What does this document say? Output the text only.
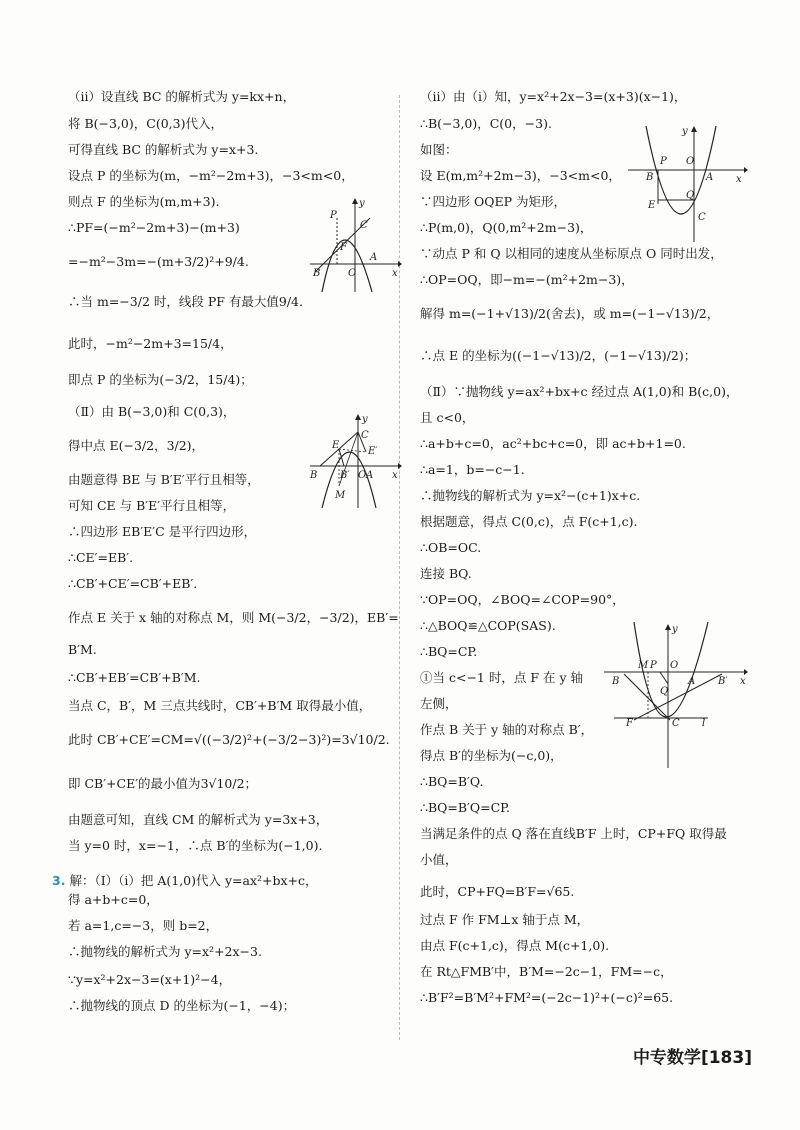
（ⅱ）设直线 BC 的解析式为 y=kx+n，
将 B(−3,0)，C(0,3)代入，
可得直线 BC 的解析式为 y=x+3.
设点 P 的坐标为(m，−m²−2m+3)，−3<m<0，
则点 F 的坐标为(m,m+3).
∴PF=(−m²−2m+3)−(m+3)
=−m²−3m=−(m+3/2)²+9/4.
∴当 m=−3/2 时，线段 PF 有最大值9/4.
此时，−m²−2m+3=15/4，
即点 P 的坐标为(−3/2，15/4)；
（Ⅱ）由 B(−3,0)和 C(0,3)，
得中点 E(−3/2，3/2)，
由题意得 BE 与 B′E′平行且相等，
可知 CE 与 B′E′平行且相等，
∴四边形 EB′E′C 是平行四边形，
∴CE′=EB′.
∴CB′+CE′=CB′+EB′.
作点 E 关于 x 轴的对称点 M，则 M(−3/2，−3/2)，EB′=
B′M.
∴CB′+EB′=CB′+B′M.
当点 C，B′，M 三点共线时，CB′+B′M 取得最小值，
此时 CB′+CE′=CM=√((−3/2)²+(−3/2−3)²)=3√10/2.
即 CB′+CE′的最小值为3√10/2；
由题意可知，直线 CM 的解析式为 y=3x+3，
当 y=0 时，x=−1，∴点 B′的坐标为(−1,0).
得 a+b+c=0，
若 a=1,c=−3，则 b=2，
∴抛物线的解析式为 y=x²+2x−3.
∵y=x²+2x−3=(x+1)²−4，
∴抛物线的顶点 D 的坐标为(−1，−4)；
（ⅱ）由（ⅰ）知，y=x²+2x−3=(x+3)(x−1)，
∴B(−3,0)，C(0，−3).
如图：
设 E(m,m²+2m−3)，−3<m<0，
∵四边形 OQEP 为矩形，
∴P(m,0)，Q(0,m²+2m−3)，
∵动点 P 和 Q 以相同的速度从坐标原点 O 同时出发，
∴OP=OQ，即−m=−(m²+2m−3)，
解得 m=(−1+√13)/2(舍去)，或 m=(−1−√13)/2，
∴点 E 的坐标为((−1−√13)/2，(−1−√13)/2)；
（Ⅱ）∵抛物线 y=ax²+bx+c 经过点 A(1,0)和 B(c,0)，
且 c<0，
∴a+b+c=0，ac²+bc+c=0，即 ac+b+1=0.
∴a=1，b=−c−1.
∴抛物线的解析式为 y=x²−(c+1)x+c.
根据题意，得点 C(0,c)，点 F(c+1,c).
∴OB=OC.
连接 BQ.
∵OP=OQ，∠BOQ=∠COP=90°，
∴△BOQ≌△COP(SAS).
∴BQ=CP.
①当 c<−1 时，点 F 在 y 轴
左侧，
作点 B 关于 y 轴的对称点 B′，
得点 B′的坐标为(−c,0)，
∴BQ=B′Q.
∴BQ=B′Q=CP.
当满足条件的点 Q 落在直线B′F 上时，CP+FQ 取得最
小值，
此时，CP+FQ=B′F=√65.
过点 F 作 FM⊥x 轴于点 M，
由点 F(c+1,c)，得点 M(c+1,0).
在 Rt△FMB′中，B′M=−2c−1，FM=−c，
∴B′F²=B′M²+FM²=(−2c−1)²+(−c)²=65.
3. 解：（Ⅰ）（ⅰ）把 A(1,0)代入 y=ax²+bx+c，
y
P
C
F
B	O
A
x
y
C
E
E′
B B′ O A x
M
y
P O
B	A x
Q
E
C
y
M P O
B	A B′ x
Q
F	C l
中专数学[183]
